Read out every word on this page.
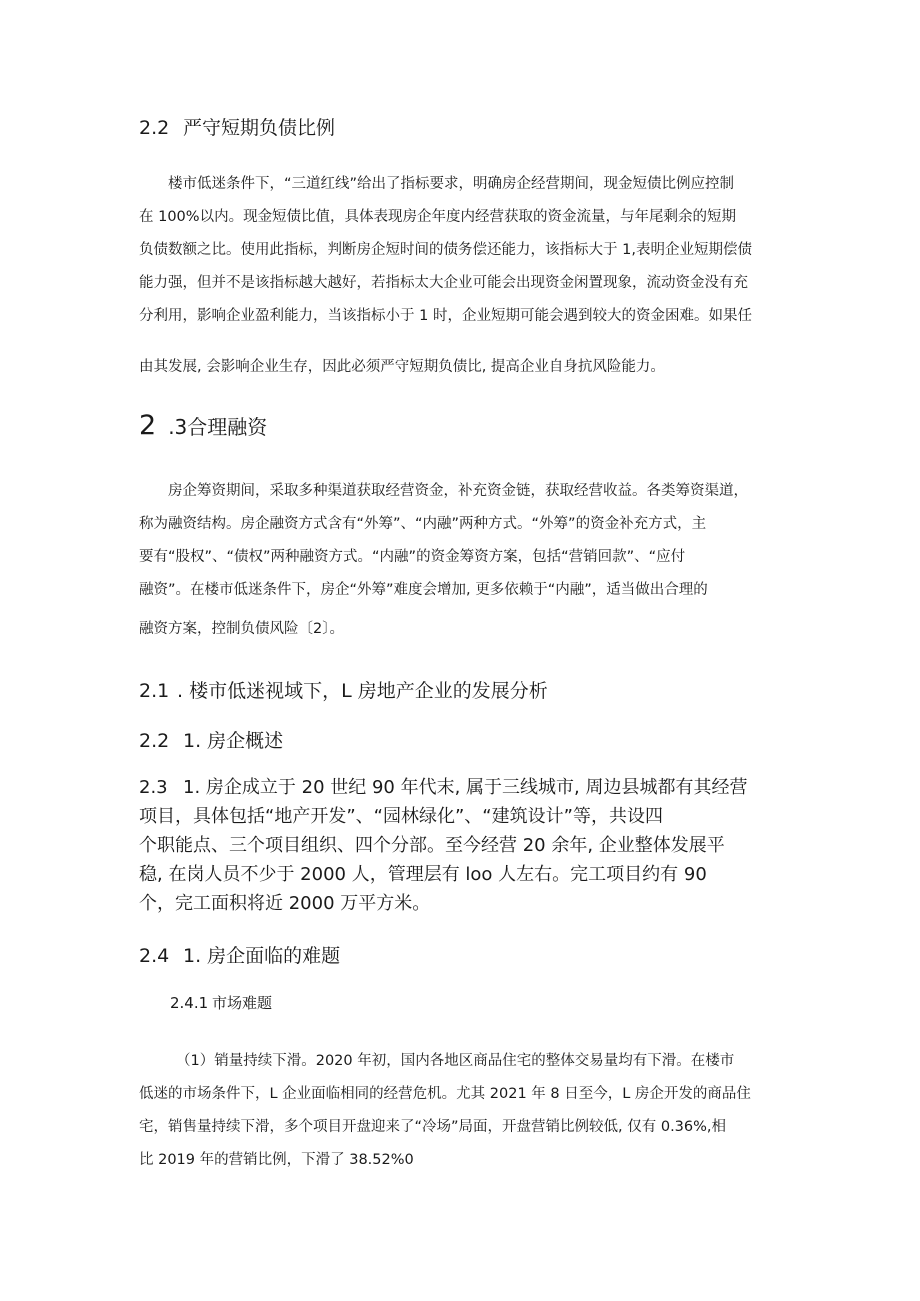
2.2 严守短期负债比例
楼市低迷条件下，“三道红线”给出了指标要求，明确房企经营期间，现金短债比例应控制
在 100%以内。现金短债比值，具体表现房企年度内经营获取的资金流量，与年尾剩余的短期
负债数额之比。使用此指标，判断房企短时间的债务偿还能力，该指标大于 1,表明企业短期偿债
能力强，但并不是该指标越大越好，若指标太大企业可能会出现资金闲置现象，流动资金没有充
分利用，影响企业盈利能力，当该指标小于 1 时，企业短期可能会遇到较大的资金困难。如果任
由其发展, 会影响企业生存，因此必须严守短期负债比, 提高企业自身抗风险能力。
2 .3合理融资
房企筹资期间，采取多种渠道获取经营资金，补充资金链，获取经营收益。各类筹资渠道，
称为融资结构。房企融资方式含有“外筹”、“内融”两种方式。“外筹”的资金补充方式，主
要有“股权”、“债权”两种融资方式。“内融”的资金筹资方案，包括“营销回款”、“应付
融资”。在楼市低迷条件下，房企“外筹”难度会增加, 更多依赖于“内融”，适当做出合理的
融资方案，控制负债风险〔2〕。
2.1 . 楼市低迷视域下，L 房地产企业的发展分析
2.2 1. 房企概述
2.3 1. 房企成立于 20 世纪 90 年代末, 属于三线城市, 周边县城都有其经营
项目，具体包括“地产开发”、“园林绿化”、“建筑设计”等，共设四
个职能点、三个项目组织、四个分部。至今经营 20 余年, 企业整体发展平
稳, 在岗人员不少于 2000 人，管理层有 loo 人左右。完工项目约有 90
个，完工面积将近 2000 万平方米。
2.4 1. 房企面临的难题
2.4.1 市场难题
（1）销量持续下滑。2020 年初，国内各地区商品住宅的整体交易量均有下滑。在楼市
低迷的市场条件下，L 企业面临相同的经营危机。尤其 2021 年 8 日至今，L 房企开发的商品住
宅，销售量持续下滑，多个项目开盘迎来了“冷场”局面，开盘营销比例较低, 仅有 0.36%,相
比 2019 年的营销比例，下滑了 38.52%0
